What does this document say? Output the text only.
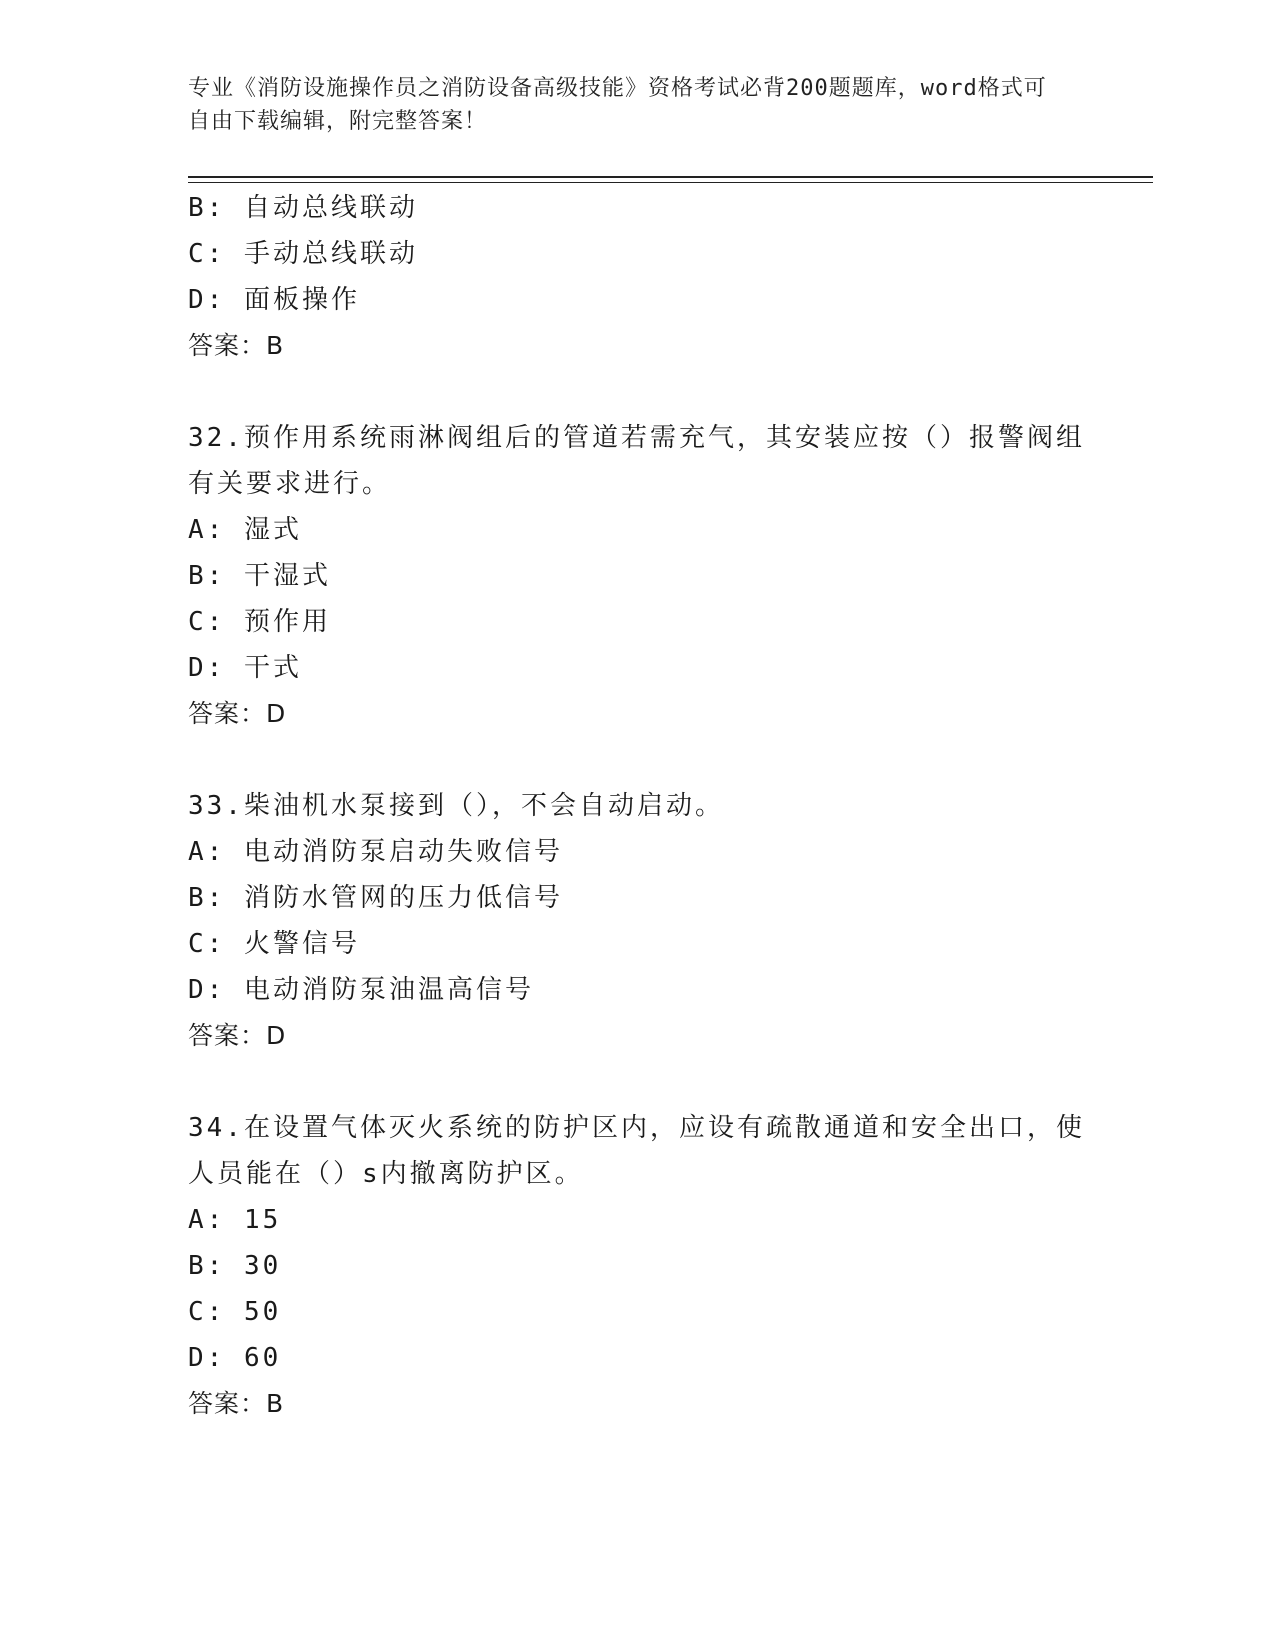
专业《消防设施操作员之消防设备高级技能》资格考试必背200题题库，word格式可自由下载编辑，附完整答案！
B: 自动总线联动
C: 手动总线联动
D: 面板操作
答案：B
32.预作用系统雨淋阀组后的管道若需充气，其安装应按（）报警阀组有关要求进行。
A: 湿式
B: 干湿式
C: 预作用
D: 干式
答案：D
33.柴油机水泵接到（），不会自动启动。
A: 电动消防泵启动失败信号
B: 消防水管网的压力低信号
C: 火警信号
D: 电动消防泵油温高信号
答案：D
34.在设置气体灭火系统的防护区内，应设有疏散通道和安全出口，使人员能在（）s内撤离防护区。
A: 15
B: 30
C: 50
D: 60
答案：B
